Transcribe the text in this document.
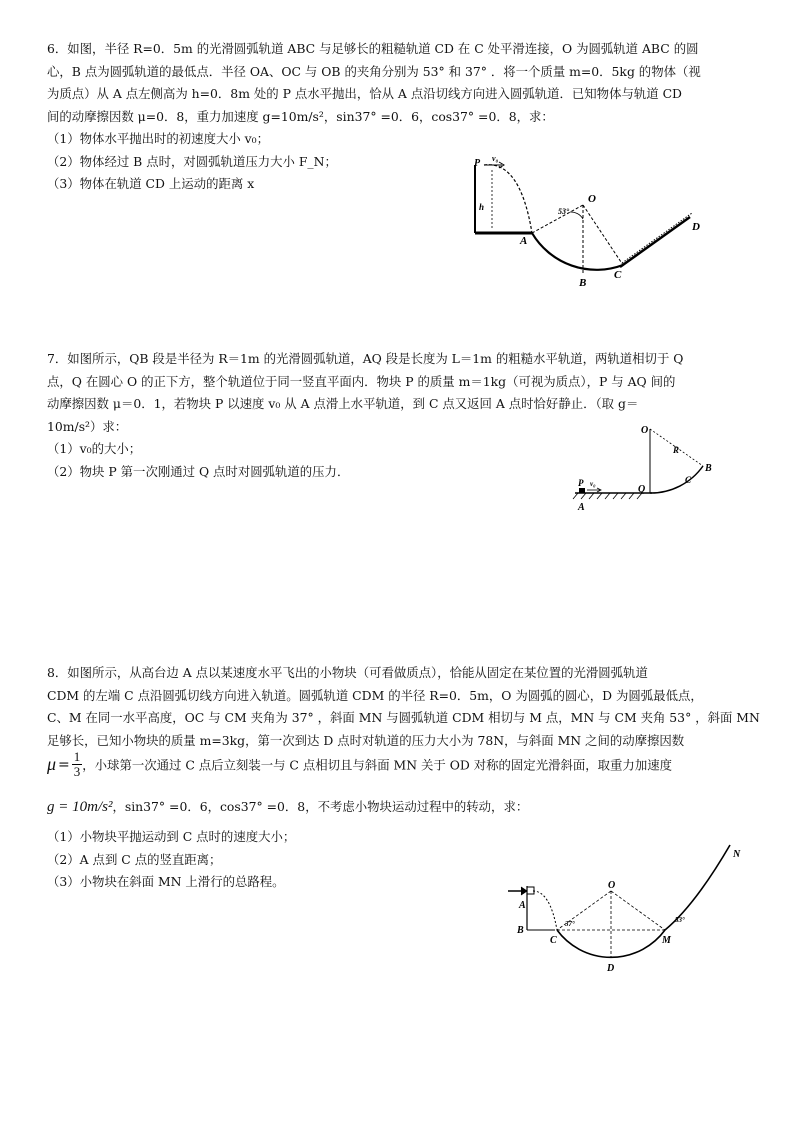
6．如图，半径 R=0．5m 的光滑圆弧轨道 ABC 与足够长的粗糙轨道 CD 在 C 处平滑连接，O 为圆弧轨道 ABC 的圆
心，B 点为圆弧轨道的最低点．半径 OA、OC 与 OB 的夹角分别为 53° 和 37° ．将一个质量 m=0．5kg 的物体（视
为质点）从 A 点左侧高为 h=0．8m 处的 P 点水平抛出，恰从 A 点沿切线方向进入圆弧轨道．已知物体与轨道 CD
间的动摩擦因数 μ=0．8，重力加速度 g=10m/s²，sin37° =0．6，cos37° =0．8，求：
（1）物体水平抛出时的初速度大小 v₀；
（2）物体经过 B 点时，对圆弧轨道压力大小 F_N；
（3）物体在轨道 CD 上运动的距离 x
P v₀
h
O
53°
A
B
C
D
7．如图所示，QB 段是半径为 R＝1m 的光滑圆弧轨道，AQ 段是长度为 L＝1m 的粗糙水平轨道，两轨道相切于 Q
点，Q 在圆心 O 的正下方，整个轨道位于同一竖直平面内．物块 P 的质量 m＝1kg（可视为质点），P 与 AQ 间的
动摩擦因数 μ＝0．1，若物块 P 以速度 v₀ 从 A 点滑上水平轨道，到 C 点又返回 A 点时恰好静止．（取 g＝
10m/s²）求：
（1）v₀的大小；
（2）物块 P 第一次刚通过 Q 点时对圆弧轨道的压力．
O
R
B
C
Q
P v₀
A
8．如图所示，从高台边 A 点以某速度水平飞出的小物块（可看做质点），恰能从固定在某位置的光滑圆弧轨道
CDM 的左端 C 点沿圆弧切线方向进入轨道。圆弧轨道 CDM 的半径 R=0．5m，O 为圆弧的圆心，D 为圆弧最低点，
C、M 在同一水平高度，OC 与 CM 夹角为 37° ，斜面 MN 与圆弧轨道 CDM 相切与 M 点，MN 与 CM 夹角 53° ，斜面 MN
足够长，已知小物块的质量 m=3kg，第一次到达 D 点时对轨道的压力大小为 78N，与斜面 MN 之间的动摩擦因数
$\mu = \frac{1}{3}$ ，小球第一次通过 C 点后立刻装一与 C 点相切且与斜面 MN 关于 OD 对称的固定光滑斜面，取重力加速度
g = 10m/s²，sin37° =0．6，cos37° =0．8，不考虑小物块运动过程中的转动，求：
（1）小物块平抛运动到 C 点时的速度大小；
（2）A 点到 C 点的竖直距离；
（3）小物块在斜面 MN 上滑行的总路程。
A
B
C
O
D
M
N
37°	53°
